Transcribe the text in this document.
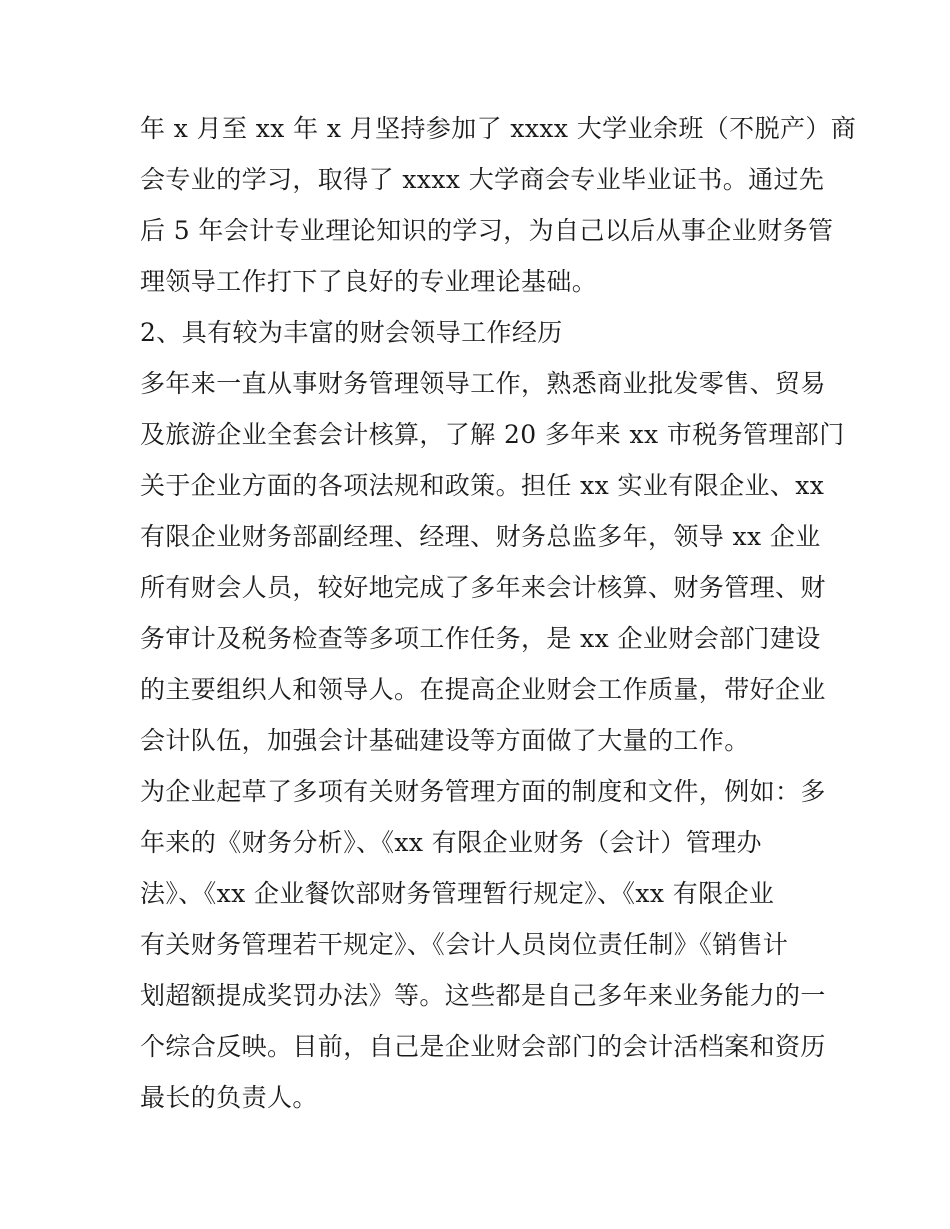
年 x 月至 xx 年 x 月坚持参加了 xxxx 大学业余班（不脱产）商
会专业的学习，取得了 xxxx 大学商会专业毕业证书。通过先
后 5 年会计专业理论知识的学习，为自己以后从事企业财务管
理领导工作打下了良好的专业理论基础。
2、具有较为丰富的财会领导工作经历
多年来一直从事财务管理领导工作，熟悉商业批发零售、贸易
及旅游企业全套会计核算，了解 20 多年来 xx 市税务管理部门
关于企业方面的各项法规和政策。担任 xx 实业有限企业、xx
有限企业财务部副经理、经理、财务总监多年，领导 xx 企业
所有财会人员，较好地完成了多年来会计核算、财务管理、财
务审计及税务检查等多项工作任务，是 xx 企业财会部门建设
的主要组织人和领导人。在提高企业财会工作质量，带好企业
会计队伍，加强会计基础建设等方面做了大量的工作。
为企业起草了多项有关财务管理方面的制度和文件，例如：多
年来的《财务分析》、《xx 有限企业财务（会计）管理办
法》、《xx 企业餐饮部财务管理暂行规定》、《xx 有限企业
有关财务管理若干规定》、《会计人员岗位责任制》《销售计
划超额提成奖罚办法》等。这些都是自己多年来业务能力的一
个综合反映。目前，自己是企业财会部门的会计活档案和资历
最长的负责人。
